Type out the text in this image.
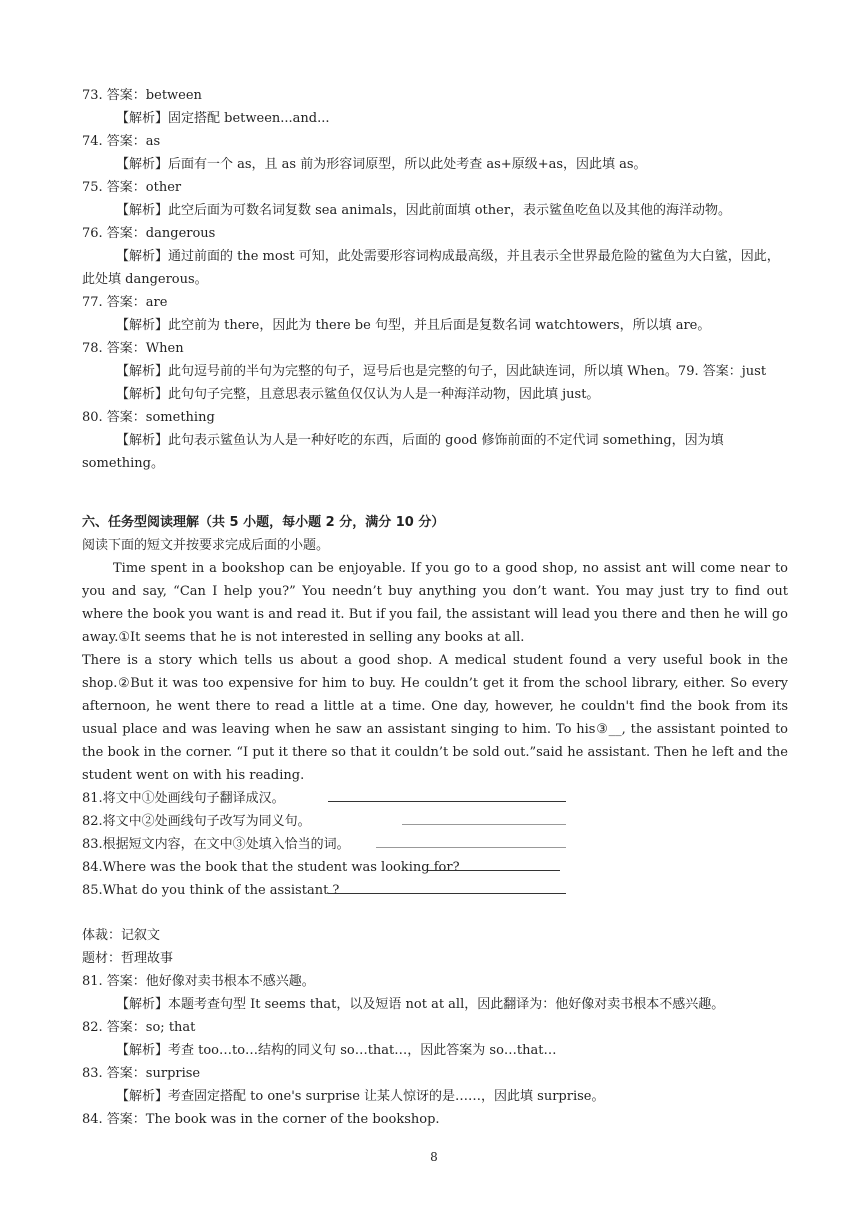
73. 答案：between
【解析】固定搭配 between...and...
74. 答案：as
【解析】后面有一个 as，且 as 前为形容词原型，所以此处考查 as+原级+as，因此填 as。
75. 答案：other
【解析】此空后面为可数名词复数 sea animals，因此前面填 other，表示鲨鱼吃鱼以及其他的海洋动物。
76. 答案：dangerous
【解析】通过前面的 the most 可知，此处需要形容词构成最高级，并且表示全世界最危险的鲨鱼为大白鲨，因此，此处填 dangerous。
77. 答案：are
【解析】此空前为 there，因此为 there be 句型，并且后面是复数名词 watchtowers，所以填 are。
78. 答案：When
【解析】此句逗号前的半句为完整的句子，逗号后也是完整的句子，因此缺连词，所以填 When。79. 答案：just
【解析】此句句子完整，且意思表示鲨鱼仅仅认为人是一种海洋动物，因此填 just。
80. 答案：something
【解析】此句表示鲨鱼认为人是一种好吃的东西，后面的 good 修饰前面的不定代词 something，因为填 something。
六、任务型阅读理解（共 5 小题，每小题 2 分，满分 10 分）
阅读下面的短文并按要求完成后面的小题。
Time spent in a bookshop can be enjoyable. If you go to a good shop, no assist ant will come near to you and say, “Can I help you?” You needn’t buy anything you don’t want. You may just try to find out where the book you want is and read it. But if you fail, the assistant will lead you there and then he will go away.①It seems that he is not interested in selling any books at all.
There is a story which tells us about a good shop. A medical student found a very useful book in the shop.②But it was too expensive for him to buy. He couldn’t get it from the school library, either. So every afternoon, he went there to read a little at a time. One day, however, he couldn't find the book from its usual place and was leaving when he saw an assistant singing to him. To his③__, the assistant pointed to the book in the corner. “I put it there so that it couldn’t be sold out.”said he assistant. Then he left and the student went on with his reading.
81.将文中①处画线句子翻译成汉。
82.将文中②处画线句子改写为同义句。
83.根据短文内容，在文中③处填入恰当的词。
84.Where was the book that the student was looking for?
85.What do you think of the assistant ?
体裁：记叙文
题材：哲理故事
81. 答案：他好像对卖书根本不感兴趣。
【解析】本题考查句型 It seems that，以及短语 not at all，因此翻译为：他好像对卖书根本不感兴趣。
82. 答案：so; that
【解析】考查 too…to…结构的同义句 so…that…，因此答案为 so…that…
83. 答案：surprise
【解析】考查固定搭配 to one's surprise 让某人惊讶的是……，因此填 surprise。
84. 答案：The book was in the corner of the bookshop.
8
